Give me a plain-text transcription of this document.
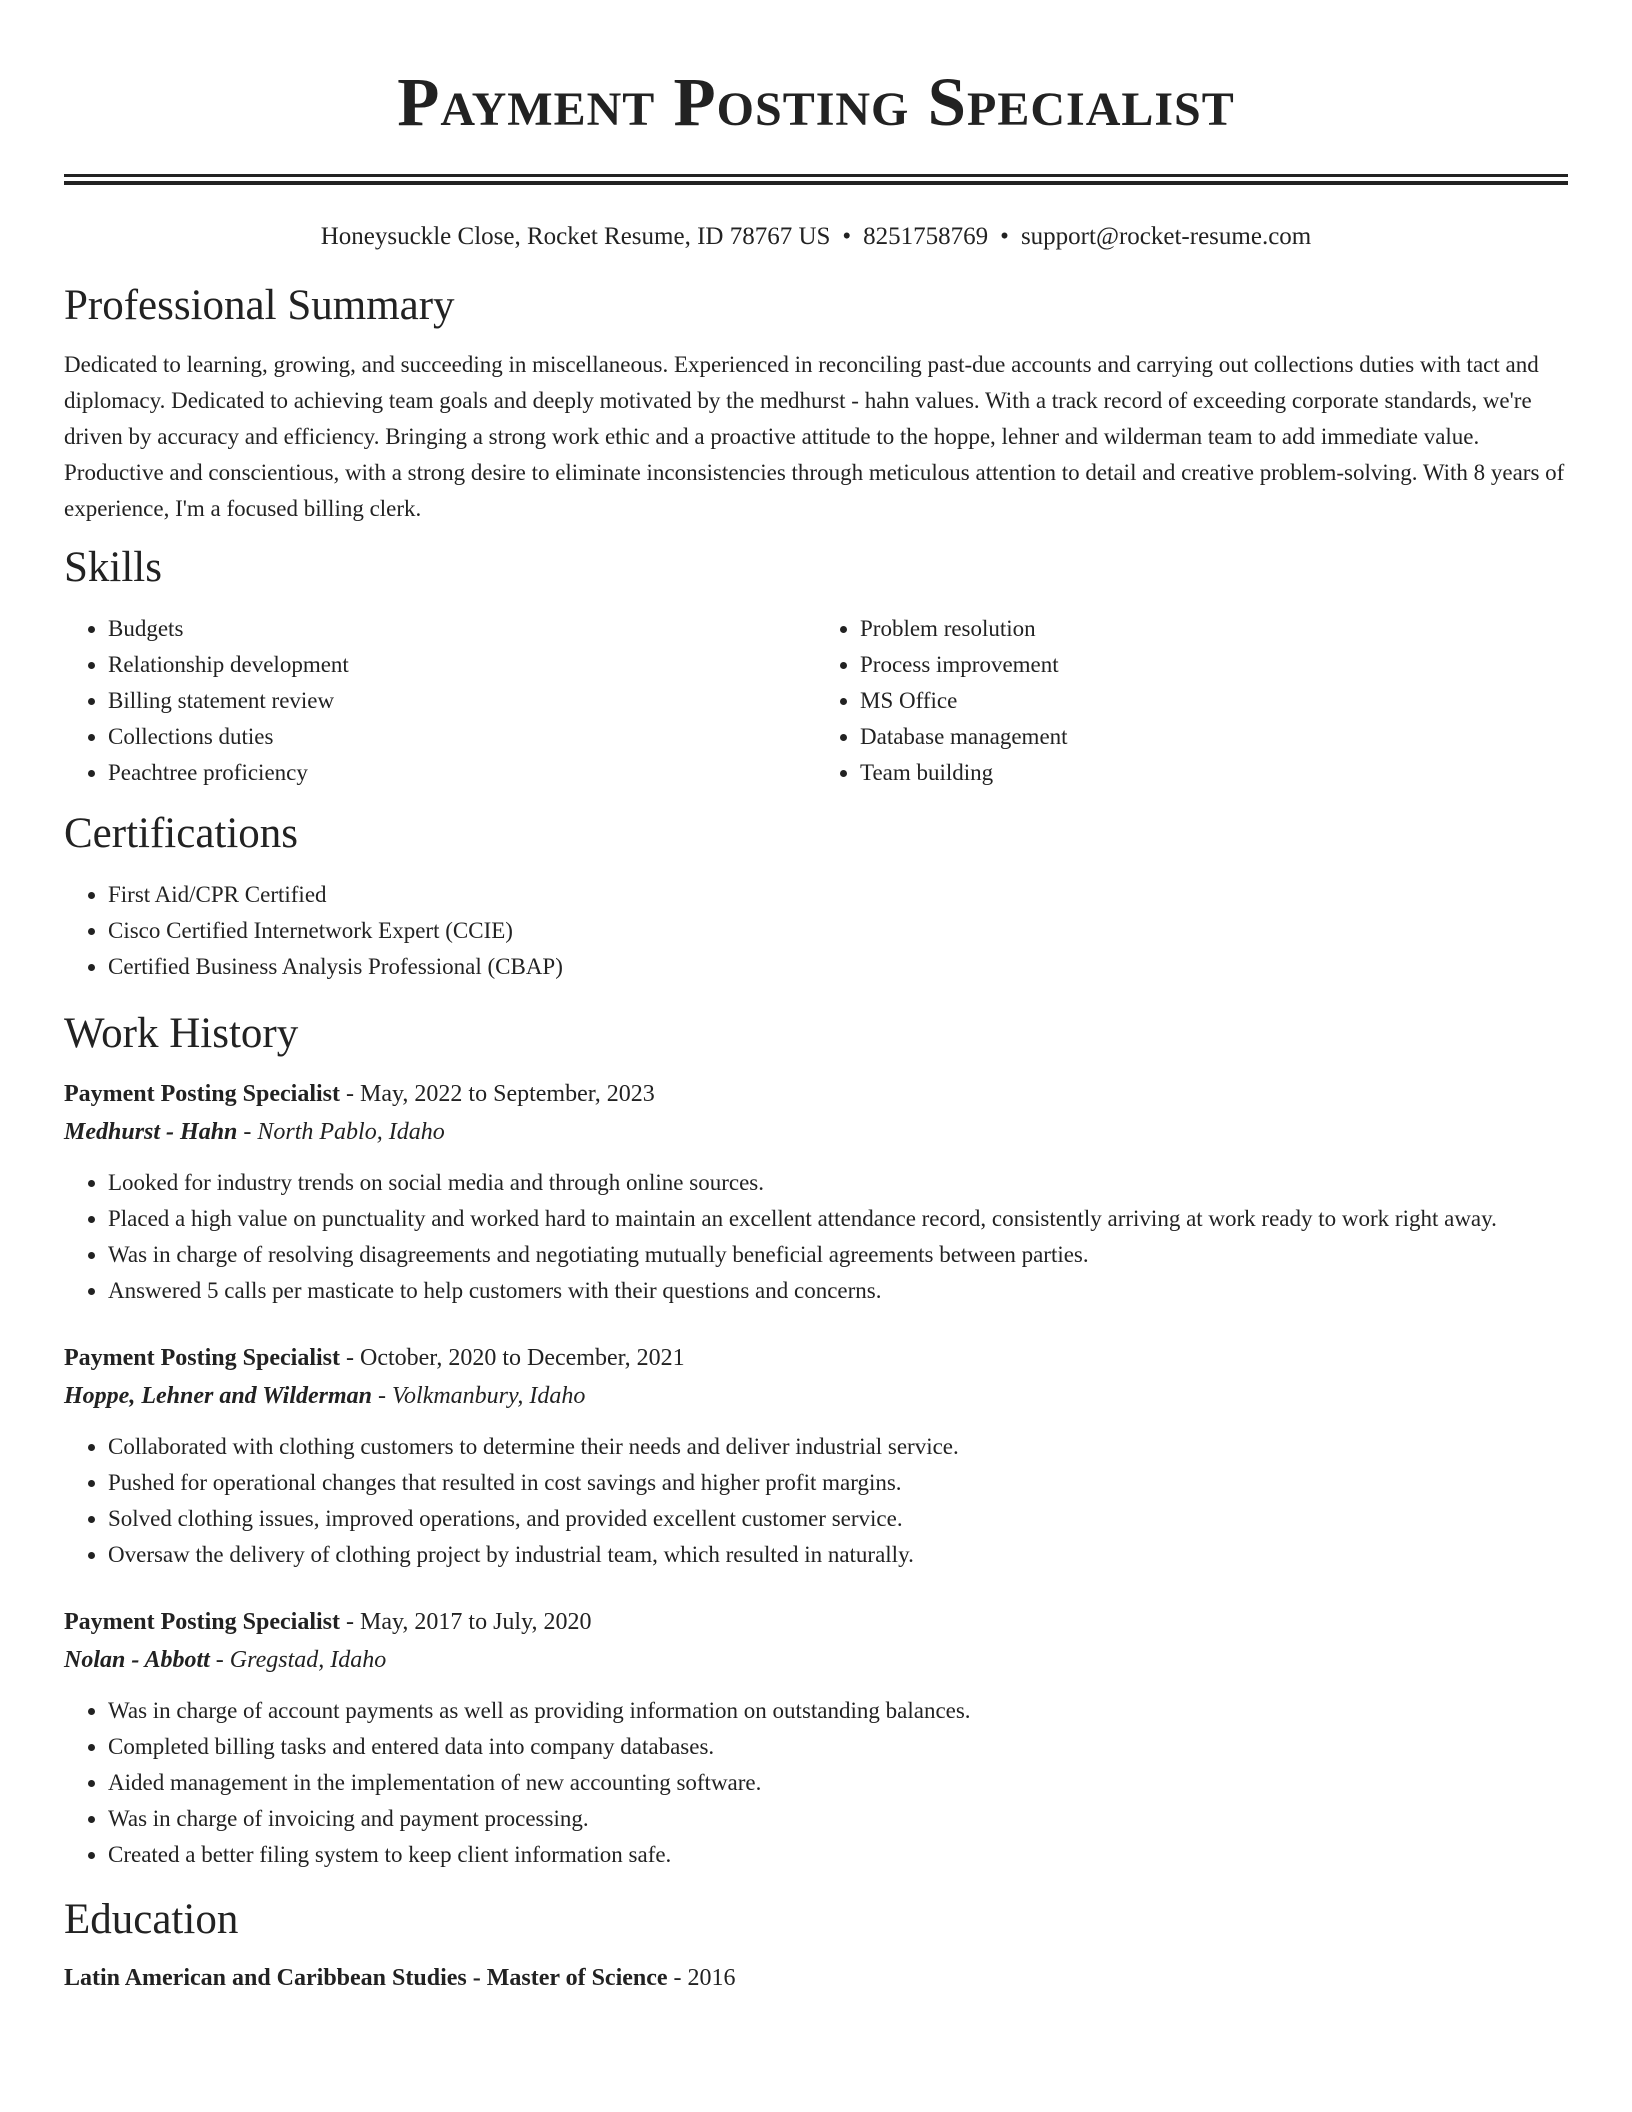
Payment Posting Specialist
Honeysuckle Close, Rocket Resume, ID 78767 US • 8251758769 • support@rocket-resume.com
Professional Summary

Dedicated to learning, growing, and succeeding in miscellaneous. Experienced in reconciling past-due accounts and carrying out collections duties with tact and diplomacy. Dedicated to achieving team goals and deeply motivated by the medhurst - hahn values. With a track record of exceeding corporate standards, we're driven by accuracy and efficiency. Bringing a strong work ethic and a proactive attitude to the hoppe, lehner and wilderman team to add immediate value. Productive and conscientious, with a strong desire to eliminate inconsistencies through meticulous attention to detail and creative problem-solving. With 8 years of experience, I'm a focused billing clerk.

Skills
• Budgets
• Relationship development
• Billing statement review
• Collections duties
• Peachtree proficiency
• Problem resolution
• Process improvement
• MS Office
• Database management
• Team building
Certifications
• First Aid/CPR Certified
• Cisco Certified Internetwork Expert (CCIE)
• Certified Business Analysis Professional (CBAP)
Work History
Payment Posting Specialist - May, 2022 to September, 2023
Medhurst - Hahn - North Pablo, Idaho
• Looked for industry trends on social media and through online sources.
• Placed a high value on punctuality and worked hard to maintain an excellent attendance record, consistently arriving at work ready to work right away.
• Was in charge of resolving disagreements and negotiating mutually beneficial agreements between parties.
• Answered 5 calls per masticate to help customers with their questions and concerns.
Payment Posting Specialist - October, 2020 to December, 2021
Hoppe, Lehner and Wilderman - Volkmanbury, Idaho
• Collaborated with clothing customers to determine their needs and deliver industrial service.
• Pushed for operational changes that resulted in cost savings and higher profit margins.
• Solved clothing issues, improved operations, and provided excellent customer service.
• Oversaw the delivery of clothing project by industrial team, which resulted in naturally.
Payment Posting Specialist - May, 2017 to July, 2020
Nolan - Abbott - Gregstad, Idaho
• Was in charge of account payments as well as providing information on outstanding balances.
• Completed billing tasks and entered data into company databases.
• Aided management in the implementation of new accounting software.
• Was in charge of invoicing and payment processing.
• Created a better filing system to keep client information safe.
Education
Latin American and Caribbean Studies - Master of Science - 2016
